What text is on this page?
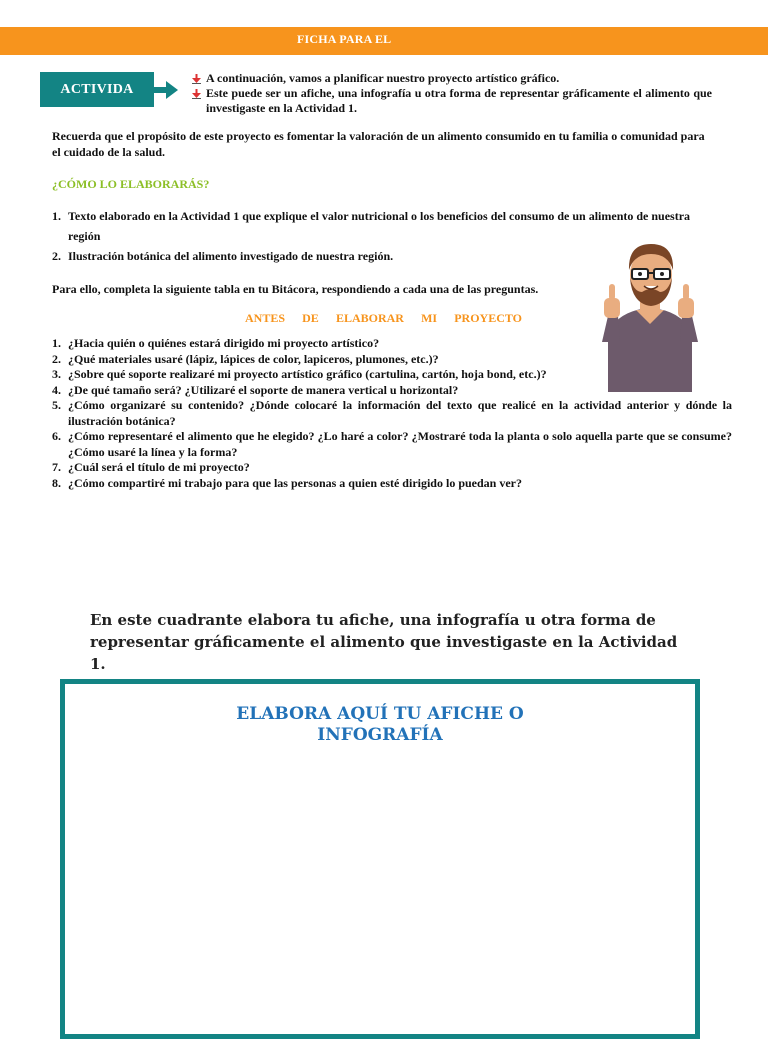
FICHA PARA EL
ACTIVIDA
A continuación, vamos a planificar nuestro proyecto artístico gráfico.
Este puede ser un afiche, una infografía u otra forma de representar gráficamente el alimento que investigaste en la Actividad 1.
Recuerda que el propósito de este proyecto es fomentar la valoración de un alimento consumido en tu familia o comunidad para el cuidado de la salud.
¿CÓMO LO ELABORARÁS?
1. Texto elaborado en la Actividad 1 que explique el valor nutricional o los beneficios del consumo de un alimento de nuestra región
2. Ilustración botánica del alimento investigado de nuestra región.
Para ello, completa la siguiente tabla en tu Bitácora, respondiendo a cada una de las preguntas.
ANTES DE ELABORAR MI PROYECTO
1. ¿Hacia quién o quiénes estará dirigido mi proyecto artístico?
2. ¿Qué materiales usaré (lápiz, lápices de color, lapiceros, plumones, etc.)?
3. ¿Sobre qué soporte realizaré mi proyecto artístico gráfico (cartulina, cartón, hoja bond, etc.)?
4. ¿De qué tamaño será? ¿Utilizaré el soporte de manera vertical u horizontal?
5. ¿Cómo organizaré su contenido? ¿Dónde colocaré la información del texto que realicé en la actividad anterior y dónde la ilustración botánica?
6. ¿Cómo representaré el alimento que he elegido? ¿Lo haré a color? ¿Mostraré toda la planta o solo aquella parte que se consume? ¿Cómo usaré la línea y la forma?
7. ¿Cuál será el título de mi proyecto?
8. ¿Cómo compartiré mi trabajo para que las personas a quien esté dirigido lo puedan ver?
En este cuadrante elabora tu afiche, una infografía u otra forma de representar gráficamente el alimento que investigaste en la Actividad 1.
ELABORA AQUÍ TU AFICHE O
INFOGRAFÍA
